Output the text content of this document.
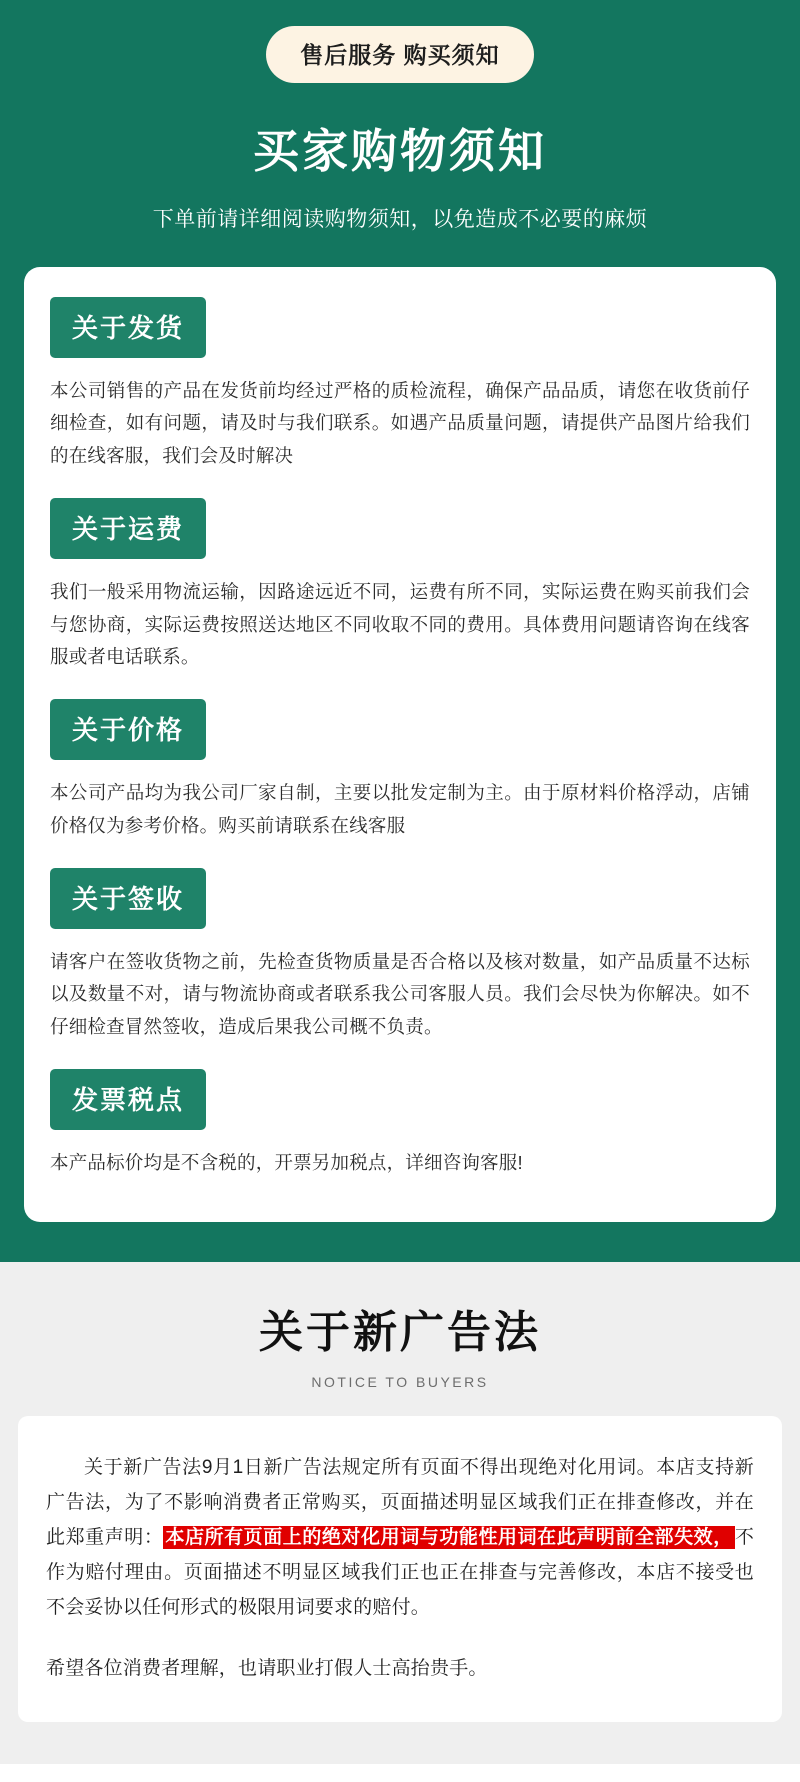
售后服务 购买须知
买家购物须知
下单前请详细阅读购物须知，以免造成不必要的麻烦
关于发货
本公司销售的产品在发货前均经过严格的质检流程，确保产品品质，请您在收货前仔细检查，如有问题，请及时与我们联系。如遇产品质量问题，请提供产品图片给我们的在线客服，我们会及时解决
关于运费
我们一般采用物流运输，因路途远近不同，运费有所不同，实际运费在购买前我们会与您协商，实际运费按照送达地区不同收取不同的费用。具体费用问题请咨询在线客服或者电话联系。
关于价格
本公司产品均为我公司厂家自制，主要以批发定制为主。由于原材料价格浮动，店铺价格仅为参考价格。购买前请联系在线客服
关于签收
请客户在签收货物之前，先检查货物质量是否合格以及核对数量，如产品质量不达标以及数量不对，请与物流协商或者联系我公司客服人员。我们会尽快为你解决。如不仔细检查冒然签收，造成后果我公司概不负责。
发票税点
本产品标价均是不含税的，开票另加税点，详细咨询客服!
关于新广告法
NOTICE TO BUYERS
关于新广告法9月1日新广告法规定所有页面不得出现绝对化用词。本店支持新广告法，为了不影响消费者正常购买，页面描述明显区域我们正在排查修改，并在此郑重声明： 本店所有页面上的绝对化用词与功能性用词在此声明前全部失效， 不作为赔付理由。页面描述不明显区域我们正也正在排查与完善修改，本店不接受也不会妥协以任何形式的极限用词要求的赔付。
希望各位消费者理解，也请职业打假人士高抬贵手。
